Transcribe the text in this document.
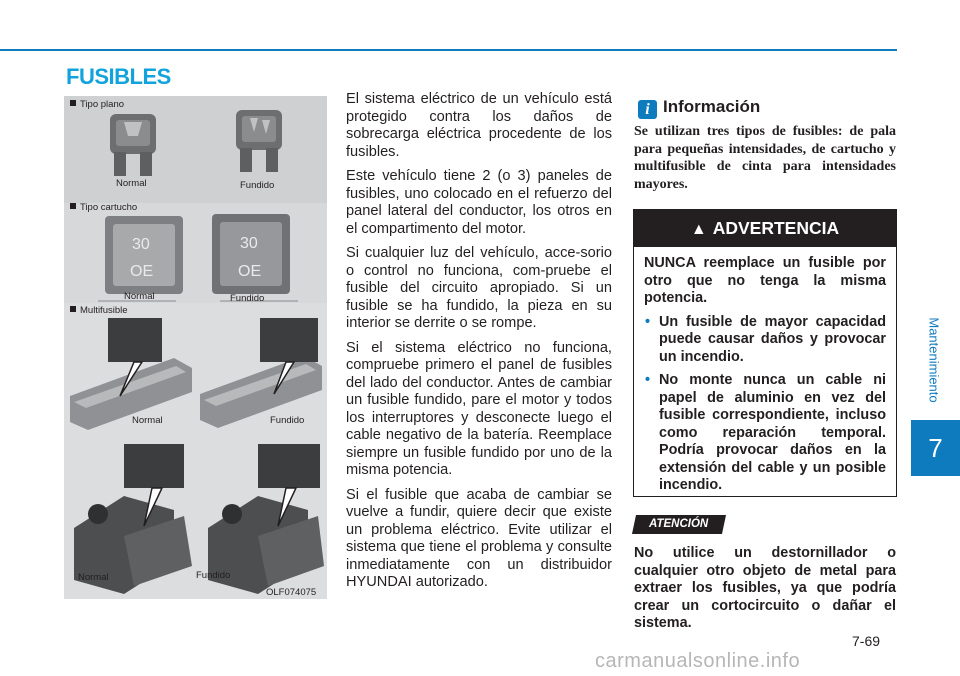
FUSIBLES
Mantenimiento
7
Tipo plano
Tipo cartucho
Multifusible
30
OE
30
OE
Normal	Fundido
Normal	Fundido
Normal	Fundido
Normal	Fundido
OLF074075

El sistema eléctrico de un vehículo está protegido contra los daños de sobrecarga eléctrica procedente de los fusibles.

Este vehículo tiene 2 (o 3) paneles de fusibles, uno colocado en el refuerzo del panel lateral del conductor, los otros en el compartimento del motor.

Si cualquier luz del vehículo, acce-sorio o control no funciona, com-pruebe el fusible del circuito apropiado. Si un fusible se ha fundido, la pieza en su interior se derrite o se rompe.

Si el sistema eléctrico no funciona, compruebe primero el panel de fusibles del lado del conductor. Antes de cambiar un fusible fundido, pare el motor y todos los interruptores y desconecte luego el cable negativo de la batería. Reemplace siempre un fusible fundido por uno de la misma potencia.

Si el fusible que acaba de cambiar se vuelve a fundir, quiere decir que existe un problema eléctrico. Evite utilizar el sistema que tiene el problema y consulte inmediatamente con un distribuidor HYUNDAI autorizado.

i Información
Se utilizan tres tipos de fusibles: de pala para pequeñas intensidades, de cartucho y multifusible de cinta para intensidades mayores.
▲ ADVERTENCIA

NUNCA reemplace un fusible por otro que no tenga la misma potencia.

• Un fusible de mayor capacidad puede causar daños y provocar un incendio.
• No monte nunca un cable ni papel de aluminio en vez del fusible correspondiente, incluso como reparación temporal. Podría provocar daños en la extensión del cable y un posible incendio.
ATENCIÓN
No utilice un destornillador o cualquier otro objeto de metal para extraer los fusibles, ya que podría crear un cortocircuito o dañar el sistema.
7-69
carmanualsonline.info
